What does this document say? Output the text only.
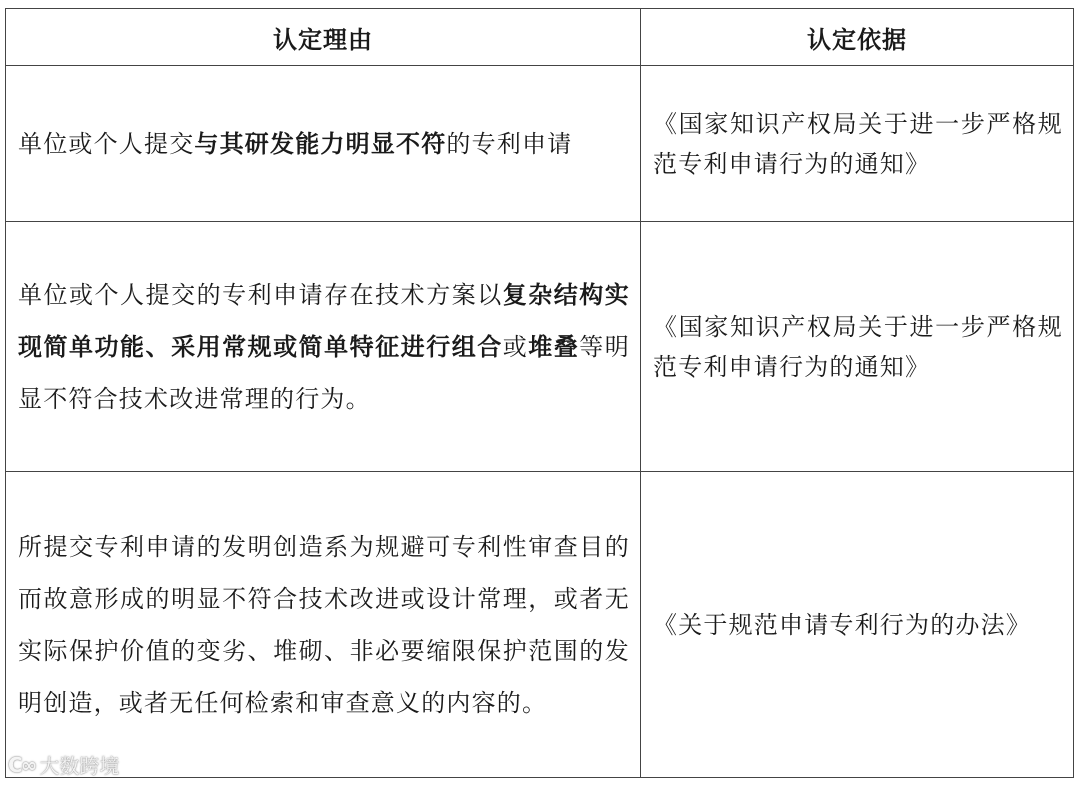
认定理由	认定依据
单位或个人提交与其研发能力明显不符的专利申请	《国家知识产权局关于进一步严格规范专利申请行为的通知》
单位或个人提交的专利申请存在技术方案以复杂结构实现简单功能、采用常规或简单特征进行组合或堆叠等明显不符合技术改进常理的行为。	《国家知识产权局关于进一步严格规范专利申请行为的通知》
所提交专利申请的发明创造系为规避可专利性审查目的而故意形成的明显不符合技术改进或设计常理，或者无实际保护价值的变劣、堆砌、非必要缩限保护范围的发明创造，或者无任何检索和审查意义的内容的。	《关于规范申请专利行为的办法》
C∞ 大数跨境
